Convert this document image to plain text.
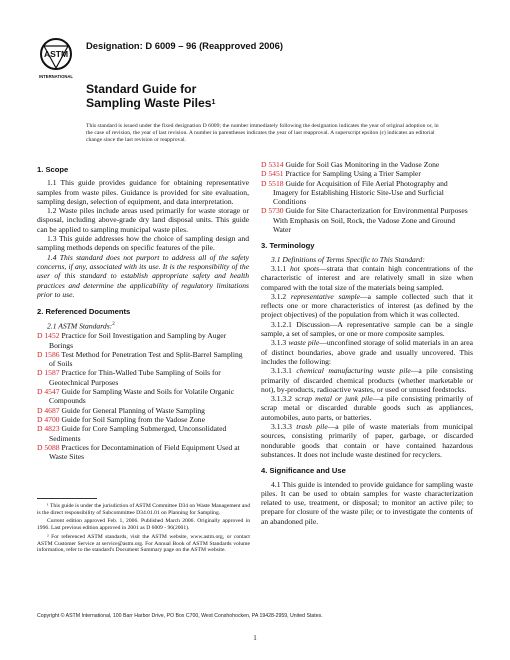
ASTM
INTERNATIONAL
Designation: D 6009 – 96 (Reapproved 2006)
Standard Guide for
Sampling Waste Piles$^1$
This standard is issued under the fixed designation D 6009; the number immediately following the designation indicates the year of original adoption or, in the case of revision, the year of last revision. A number in parentheses indicates the year of last reapproval. A superscript epsilon (ε) indicates an editorial change since the last revision or reapproval.
1. Scope
1.1 This guide provides guidance for obtaining representative samples from waste piles. Guidance is provided for site evaluation, sampling design, selection of equipment, and data interpretation.
1.2 Waste piles include areas used primarily for waste storage or disposal, including above-grade dry land disposal units. This guide can be applied to sampling municipal waste piles.
1.3 This guide addresses how the choice of sampling design and sampling methods depends on specific features of the pile.
1.4 This standard does not purport to address all of the safety concerns, if any, associated with its use. It is the responsibility of the user of this standard to establish appropriate safety and health practices and determine the applicability of regulatory limitations prior to use.
2. Referenced Documents
2.1 ASTM Standards:$^2$
D 1452 Practice for Soil Investigation and Sampling by Auger Borings
D 1586 Test Method for Penetration Test and Split-Barrel Sampling of Soils
D 1587 Practice for Thin-Walled Tube Sampling of Soils for Geotechnical Purposes
D 4547 Guide for Sampling Waste and Soils for Volatile Organic Compounds
D 4687 Guide for General Planning of Waste Sampling
D 4700 Guide for Soil Sampling from the Vadose Zone
D 4823 Guide for Core Sampling Submerged, Unconsolidated Sediments
D 5088 Practices for Decontamination of Field Equipment Used at Waste Sites
D 5314 Guide for Soil Gas Monitoring in the Vadose Zone
D 5451 Practice for Sampling Using a Trier Sampler
D 5518 Guide for Acquisition of File Aerial Photography and Imagery for Establishing Historic Site-Use and Surficial Conditions
D 5730 Guide for Site Characterization for Environmental Purposes With Emphasis on Soil, Rock, the Vadose Zone and Ground Water
3. Terminology
3.1 Definitions of Terms Specific to This Standard:
3.1.1 hot spots—strata that contain high concentrations of the characteristic of interest and are relatively small in size when compared with the total size of the materials being sampled.
3.1.2 representative sample—a sample collected such that it reflects one or more characteristics of interest (as defined by the project objectives) of the population from which it was collected.
3.1.2.1 Discussion—A representative sample can be a single sample, a set of samples, or one or more composite samples.
3.1.3 waste pile—unconfined storage of solid materials in an area of distinct boundaries, above grade and usually uncovered. This includes the following:
3.1.3.1 chemical manufacturing waste pile—a pile consisting primarily of discarded chemical products (whether marketable or not), by-products, radioactive wastes, or used or unused feedstocks.
3.1.3.2 scrap metal or junk pile—a pile consisting primarily of scrap metal or discarded durable goods such as appliances, automobiles, auto parts, or batteries.
3.1.3.3 trash pile—a pile of waste materials from municipal sources, consisting primarily of paper, garbage, or discarded nondurable goods that contain or have contained hazardous substances. It does not include waste destined for recyclers.
4. Significance and Use
4.1 This guide is intended to provide guidance for sampling waste piles. It can be used to obtain samples for waste characterization related to use, treatment, or disposal; to monitor an active pile; to prepare for closure of the waste pile; or to investigate the contents of an abandoned pile.
¹ This guide is under the jurisdiction of ASTM Committee D34 on Waste Management and is the direct responsibility of Subcommittee D34.01.01 on Planning for Sampling.
Current edition approved Feb. 1, 2006. Published March 2006. Originally approved in 1996. Last previous edition approved in 2001 as D 6009 - 96(2001).
² For referenced ASTM standards, visit the ASTM website, www.astm.org, or contact ASTM Customer Service at service@astm.org. For Annual Book of ASTM Standards volume information, refer to the standard's Document Summary page on the ASTM website.
Copyright © ASTM International, 100 Barr Harbor Drive, PO Box C700, West Conshohocken, PA 19428-2959, United States.
1
